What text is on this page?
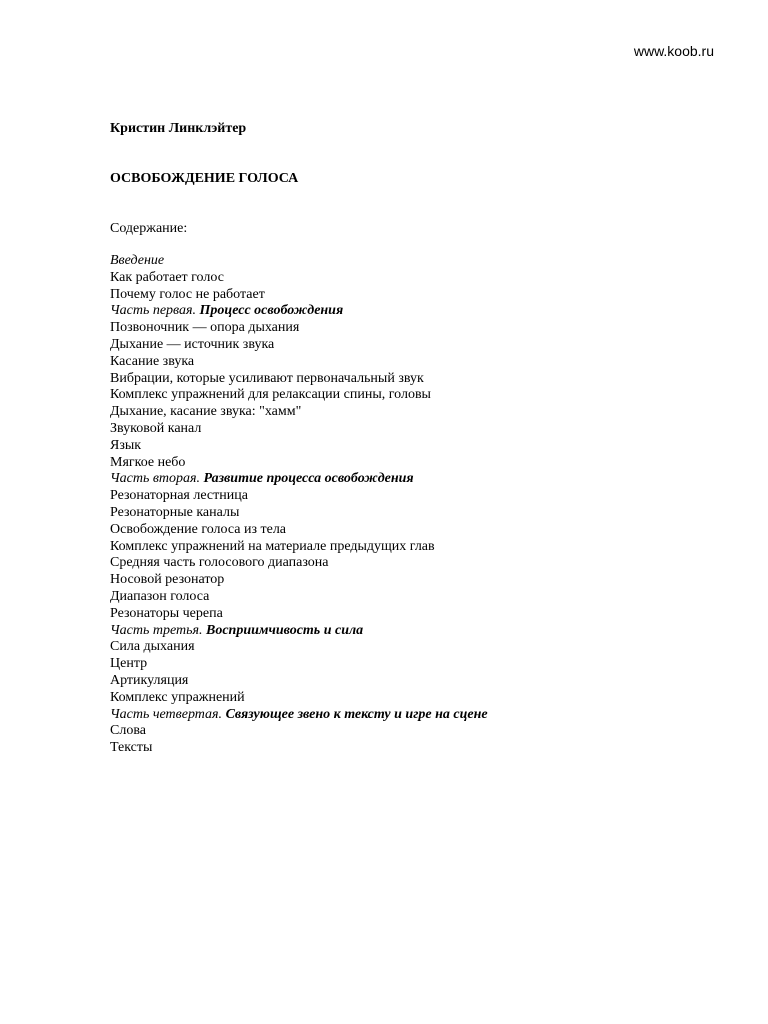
www.koob.ru
Кристин Линклэйтер
ОСВОБОЖДЕНИЕ ГОЛОСА
Содержание:
Введение
Как работает голос
Почему голос не работает
Часть первая. Процесс освобождения
Позвоночник — опора дыхания
Дыхание — источник звука
Касание звука
Вибрации, которые усиливают первоначальный звук
Комплекс упражнений для релаксации спины, головы
Дыхание, касание звука: "хамм"
Звуковой канал
Язык
Мягкое небо
Часть вторая. Развитие процесса освобождения
Резонаторная лестница
Резонаторные каналы
Освобождение голоса из тела
Комплекс упражнений на материале предыдущих глав
Средняя часть голосового диапазона
Носовой резонатор
Диапазон голоса
Резонаторы черепа
Часть третья. Восприимчивость и сила
Сила дыхания
Центр
Артикуляция
Комплекс упражнений
Часть четвертая. Связующее звено к тексту и игре на сцене
Слова
Тексты
